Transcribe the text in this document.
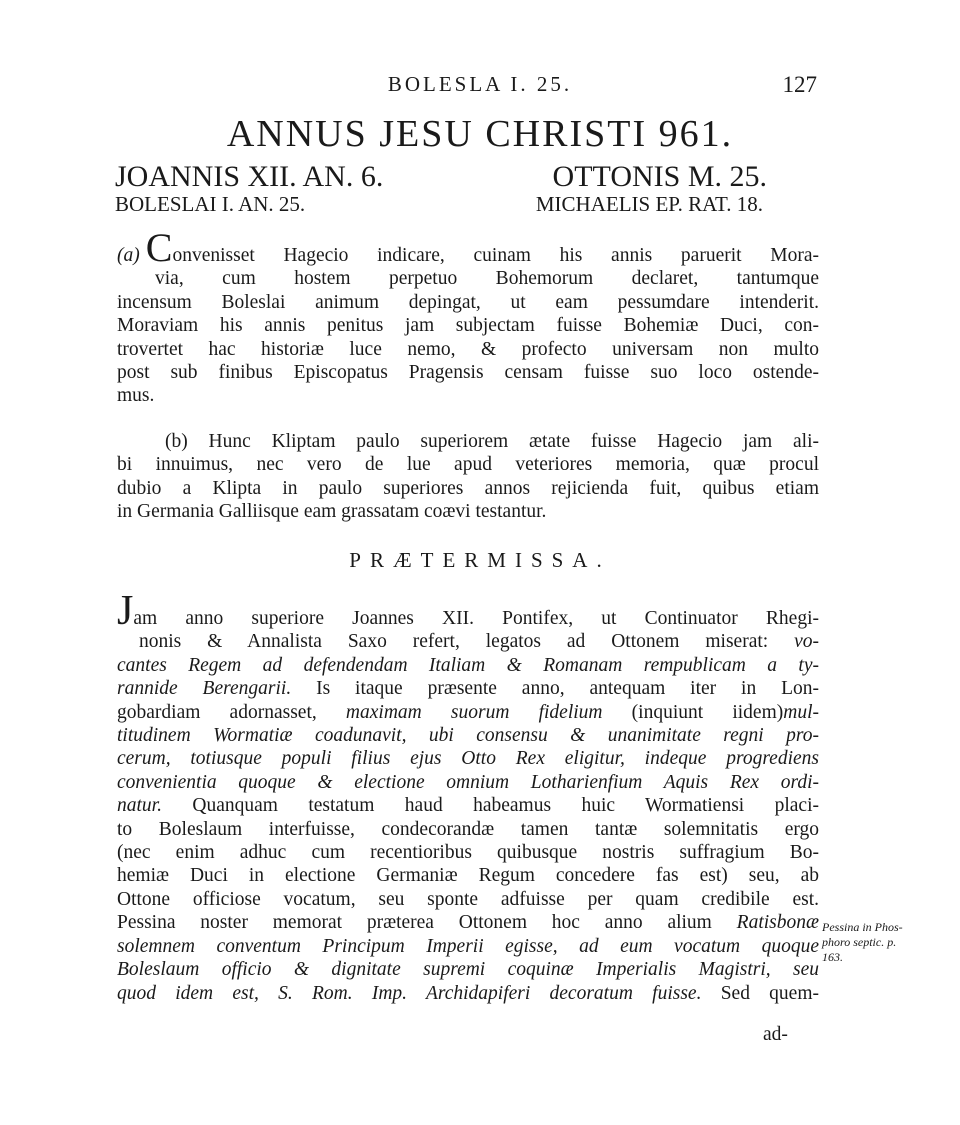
BOLESLA I. 25.	127
ANNUS JESU CHRISTI 961.
JOANNIS XII. AN. 6.	OTTONIS M. 25.
BOLESLAI I. AN. 25.	MICHAELIS EP. RAT. 18.
(a) Convenisset Hagecio indicare, cuinam his annis paruerit Mora-
via, cum hostem perpetuo Bohemorum declaret, tantumque
incensum Boleslai animum depingat, ut eam pessumdare intenderit.
Moraviam his annis penitus jam subjectam fuisse Bohemiæ Duci, con-
trovertet hac historiæ luce nemo, & profecto universam non multo
post sub finibus Episcopatus Pragensis censam fuisse suo loco ostende-
mus.
(b) Hunc Kliptam paulo superiorem ætate fuisse Hagecio jam ali-
bi innuimus, nec vero de lue apud veteriores memoria, quæ procul
dubio a Klipta in paulo superiores annos rejicienda fuit, quibus etiam
in Germania Galliisque eam grassatam coævi testantur.
PRÆTERMISSA.
Jam anno superiore Joannes XII. Pontifex, ut Continuator Rhegi-
nonis & Annalista Saxo refert, legatos ad Ottonem miserat: vo-
cantes Regem ad defendendam Italiam & Romanam rempublicam a ty-
rannide Berengarii. Is itaque præsente anno, antequam iter in Lon-
gobardiam adornasset, maximam suorum fidelium (inquiunt iidem)mul-
titudinem Wormatiæ coadunavit, ubi consensu & unanimitate regni pro-
cerum, totiusque populi filius ejus Otto Rex eligitur, indeque progrediens
convenientia quoque & electione omnium Lotharienfium Aquis Rex ordi-
natur. Quanquam testatum haud habeamus huic Wormatiensi placi-
to Boleslaum interfuisse, condecorandæ tamen tantæ solemnitatis ergo
(nec enim adhuc cum recentioribus quibusque nostris suffragium Bo-
hemiæ Duci in electione Germaniæ Regum concedere fas est) seu, ab
Ottone officiose vocatum, seu sponte adfuisse per quam credibile est.
Pessina noster memorat præterea Ottonem hoc anno alium Ratisbonæ
solemnem conventum Principum Imperii egisse, ad eum vocatum quoque
Boleslaum officio & dignitate supremi coquinæ Imperialis Magistri, seu
quod idem est, S. Rom. Imp. Archidapiferi decoratum fuisse. Sed quem-
Pessina in Phos-
phoro septic. p.
163.
ad-
